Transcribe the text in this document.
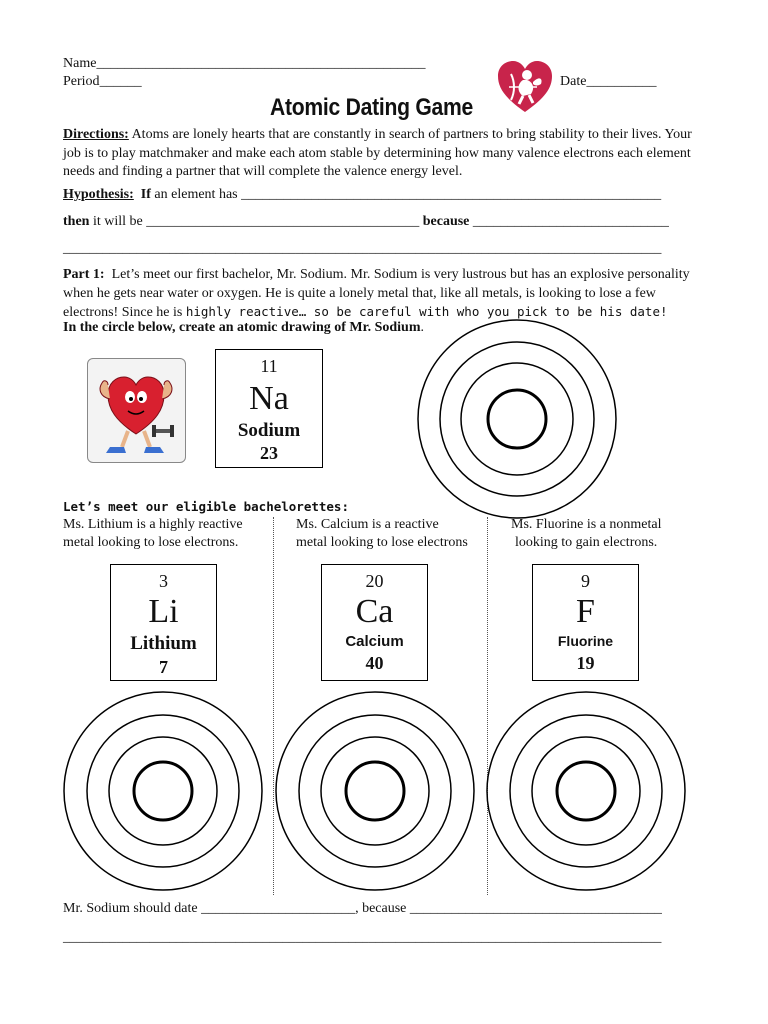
Name_______________________________________________
Period______	Date__________
Atomic Dating Game
Directions: Atoms are lonely hearts that are constantly in search of partners to bring stability to their lives. Your job is to play matchmaker and make each atom stable by determining how many valence electrons each element needs and finding a partner that will complete the valence energy level.
Hypothesis: If an element has ____________________________________________________________
then it will be _______________________________________ because ____________________________
__________________________________________________________________________________________
Part 1: Let’s meet our first bachelor, Mr. Sodium. Mr. Sodium is very lustrous but has an explosive personality when he gets near water or oxygen. He is quite a lonely metal that, like all metals, is looking to lose a few electrons! Since he is highly reactive… so be careful with who you pick to be his date!
In the circle below, create an atomic drawing of Mr. Sodium.
11
Na
Sodium
23
Let’s meet our eligible bachelorettes:
Ms. Lithium is a highly reactive
metal looking to lose electrons.
Ms. Calcium is a reactive
metal looking to lose electrons
Ms. Fluorine is a nonmetal
looking to gain electrons.
3
Li
Lithium
7
20
Ca
Calcium
40
9
F
Fluorine
19
Mr. Sodium should date ______________________, because ____________________________________
__________________________________________________________________________________________
